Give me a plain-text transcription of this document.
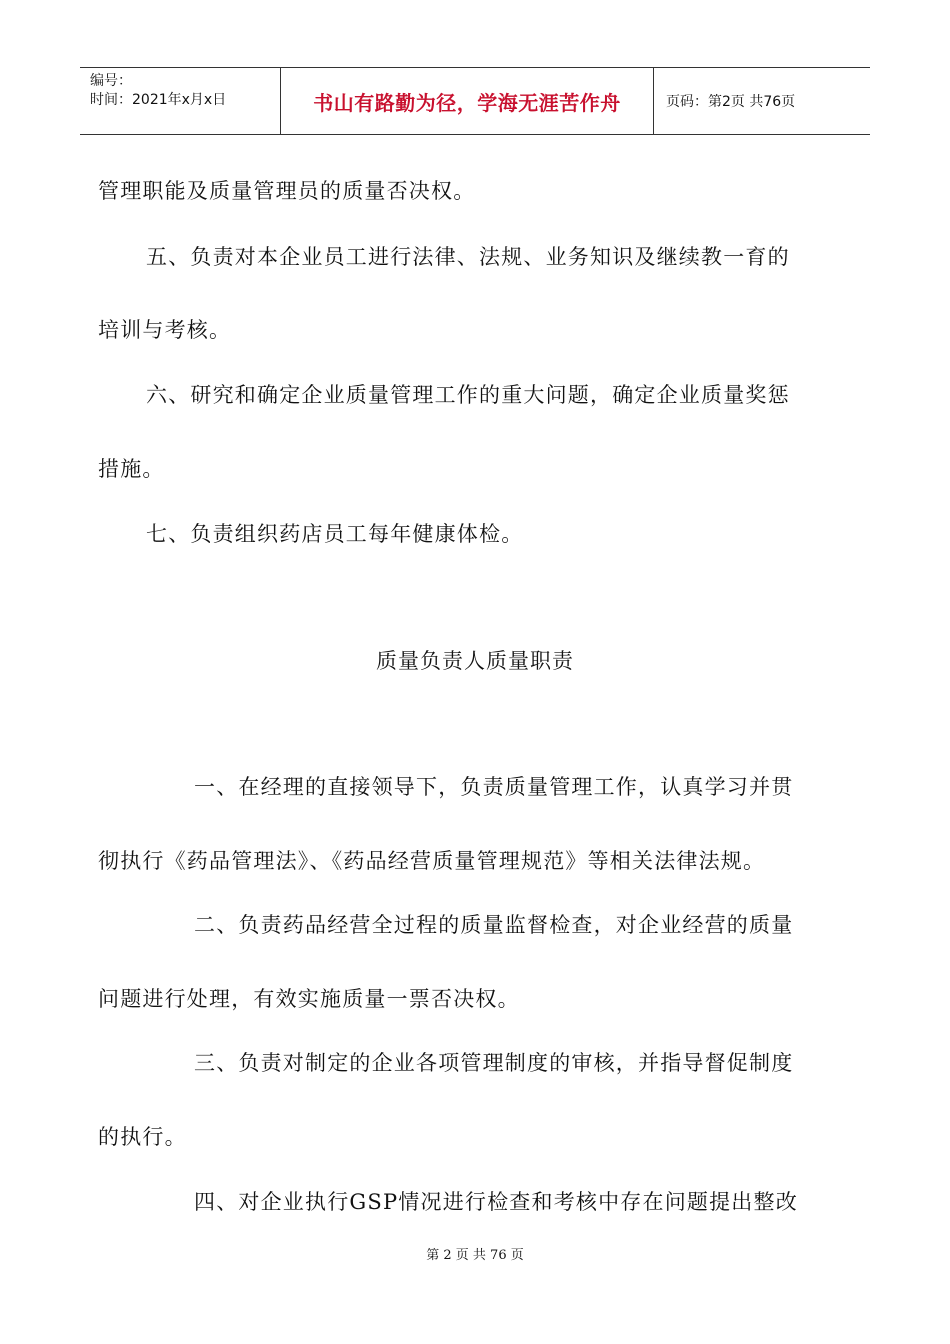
编号：
时间：2021年x月x日	书山有路勤为径，学海无涯苦作舟	页码：第2页 共76页
管理职能及质量管理员的质量否决权。
五、负责对本企业员工进行法律、法规、业务知识及继续教一育的
培训与考核。
六、研究和确定企业质量管理工作的重大问题，确定企业质量奖惩
措施。
七、负责组织药店员工每年健康体检。
质量负责人质量职责
一、在经理的直接领导下，负责质量管理工作，认真学习并贯
彻执行《药品管理法》、《药品经营质量管理规范》等相关法律法规。
二、负责药品经营全过程的质量监督检查，对企业经营的质量
问题进行处理，有效实施质量一票否决权。
三、负责对制定的企业各项管理制度的审核，并指导督促制度
的执行。
四、对企业执行GSP情况进行检查和考核中存在问题提出整改
第 2 页 共 76 页
